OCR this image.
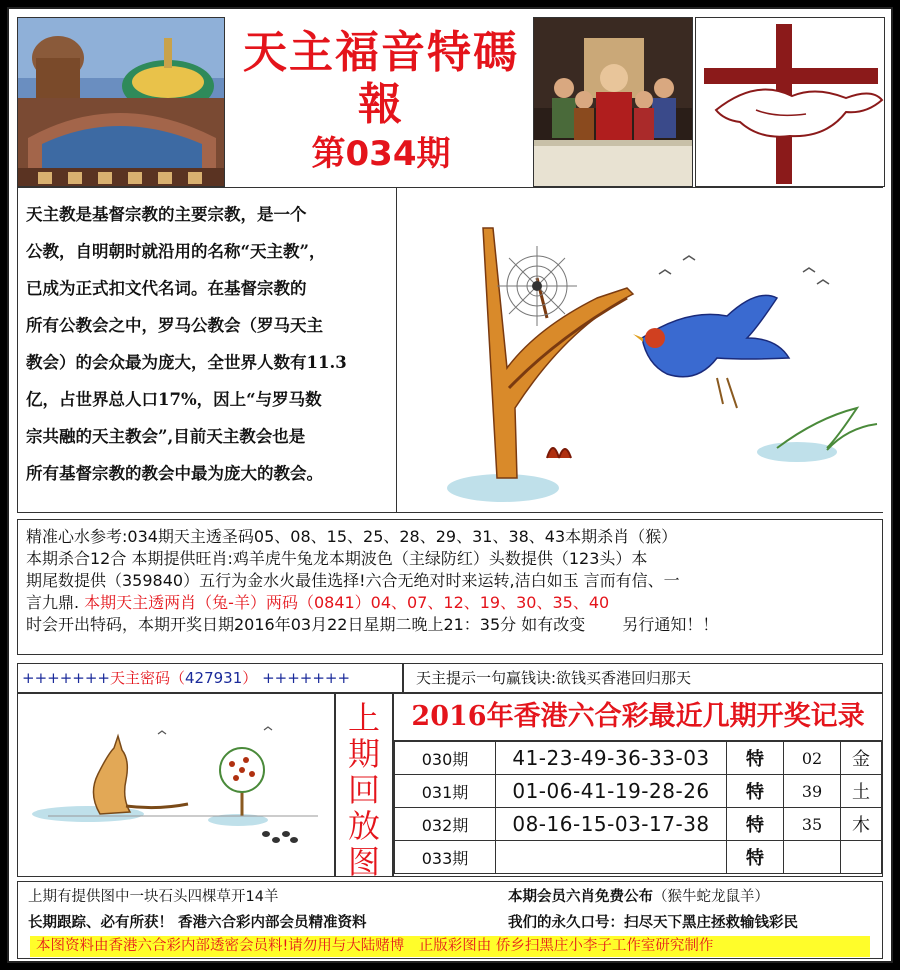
天主福音特碼報
第034期
天主教是基督宗教的主要宗教，是一个
公教，自明朝时就沿用的名称“天主教”，
已成为正式扣文代名词。在基督宗教的
所有公教会之中，罗马公教会（罗马天主
教会）的会众最为庞大，全世界人数有11.3
亿，占世界总人口17%，因上“与罗马数
宗共融的天主教会”,目前天主教会也是
所有基督宗教的教会中最为庞大的教会。
精准心水参考:034期天主透圣码05、08、15、25、28、29、31、38、43本期杀肖（猴）
本期杀合12合 本期提供旺肖:鸡羊虎牛兔龙本期波色（主绿防红）头数提供（123头）本
期尾数提供（359840）五行为金水火最佳选择!六合无绝对时来运转,洁白如玉 言而有信、一
言九鼎. 本期天主透两肖（兔-羊）两码（0841）04、07、12、19、30、35、40
时会开出特码，本期开奖日期2016年03月22日星期二晚上21：35分 如有改变　　 另行通知！！
+++++++天主密码（427931） +++++++	天主提示一句赢钱诀:欲钱买香港回归那天
上
期
回
放
图
2016年香港六合彩最近几期开奖记录
030期	41-23-49-36-33-03	特	02	金
031期	01-06-41-19-28-26	特	39	土
032期	08-16-15-03-17-38	特	35	木
033期		特		
上期有提供图中一块石头四棵草开14羊	本期会员六肖免费公布（猴牛蛇龙鼠羊）
长期跟踪、必有所获！ 香港六合彩内部会员精准资料	我们的永久口号：扫尽天下黑庄拯救输钱彩民
本图资料由香港六合彩内部透密会员料!请勿用与大陆赌博　正版彩图由 侨乡扫黑庄小李子工作室研究制作
